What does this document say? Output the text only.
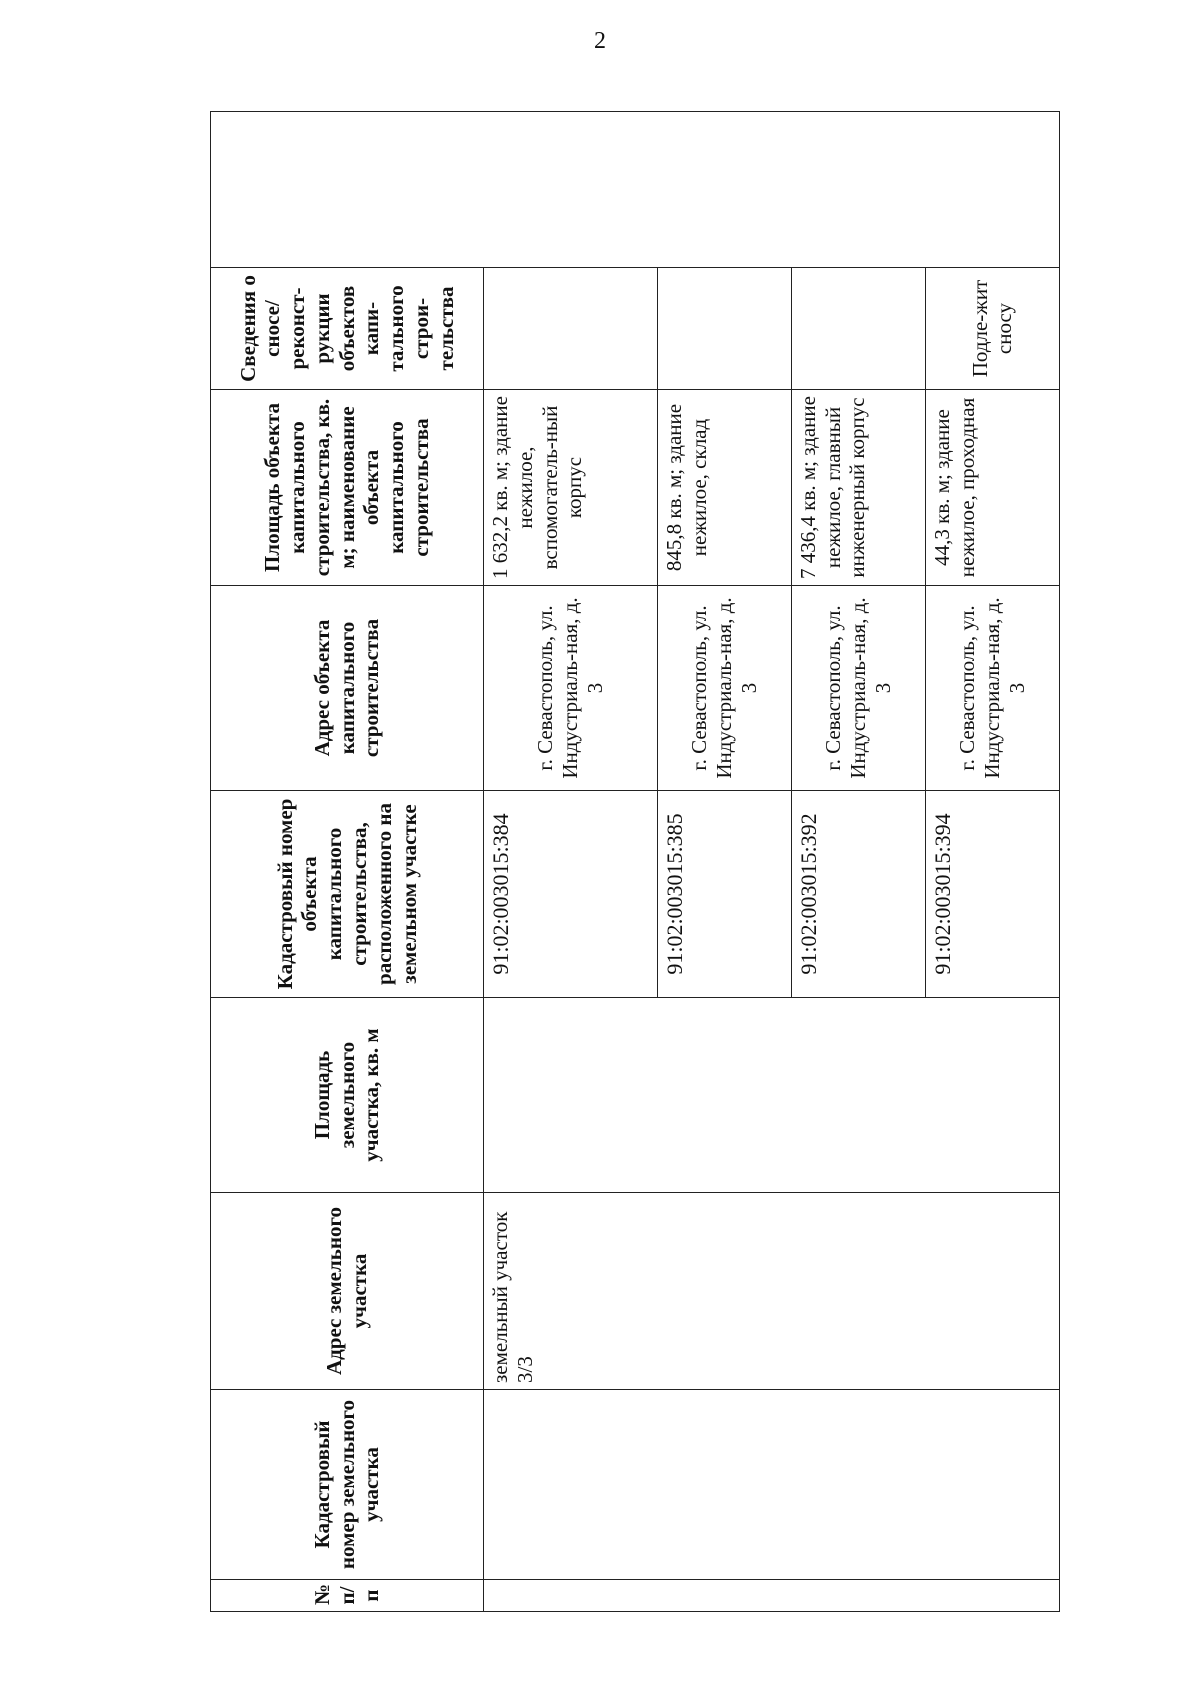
2
№ п/ п	Кадастровый номер земельного участка	Адрес земельного участка	Площадь земельного участка, кв. м	Кадастровый номер объекта капитального строительства, расположенного на земельном участке	Адрес объекта капитального строительства	Площадь объекта капитального строительства, кв. м; наименование объекта капитального строительства	Сведения о сносе/ реконст-рукции объектов капи-тального строи-тельства	
		земельный участок 3/3		91:02:003015:384	г. Севастополь, ул. Индустриаль-ная, д. 3	1 632,2 кв. м; здание нежилое, вспомогатель-ный корпус		
				91:02:003015:385	г. Севастополь, ул. Индустриаль-ная, д. 3	845,8 кв. м; здание нежилое, склад		
				91:02:003015:392	г. Севастополь, ул. Индустриаль-ная, д. 3	7 436,4 кв. м; здание нежилое, главный инженерный корпус		
				91:02:003015:394	г. Севастополь, ул. Индустриаль-ная, д. 3	44,3 кв. м; здание нежилое, проходная	Подле-жит сносу	
